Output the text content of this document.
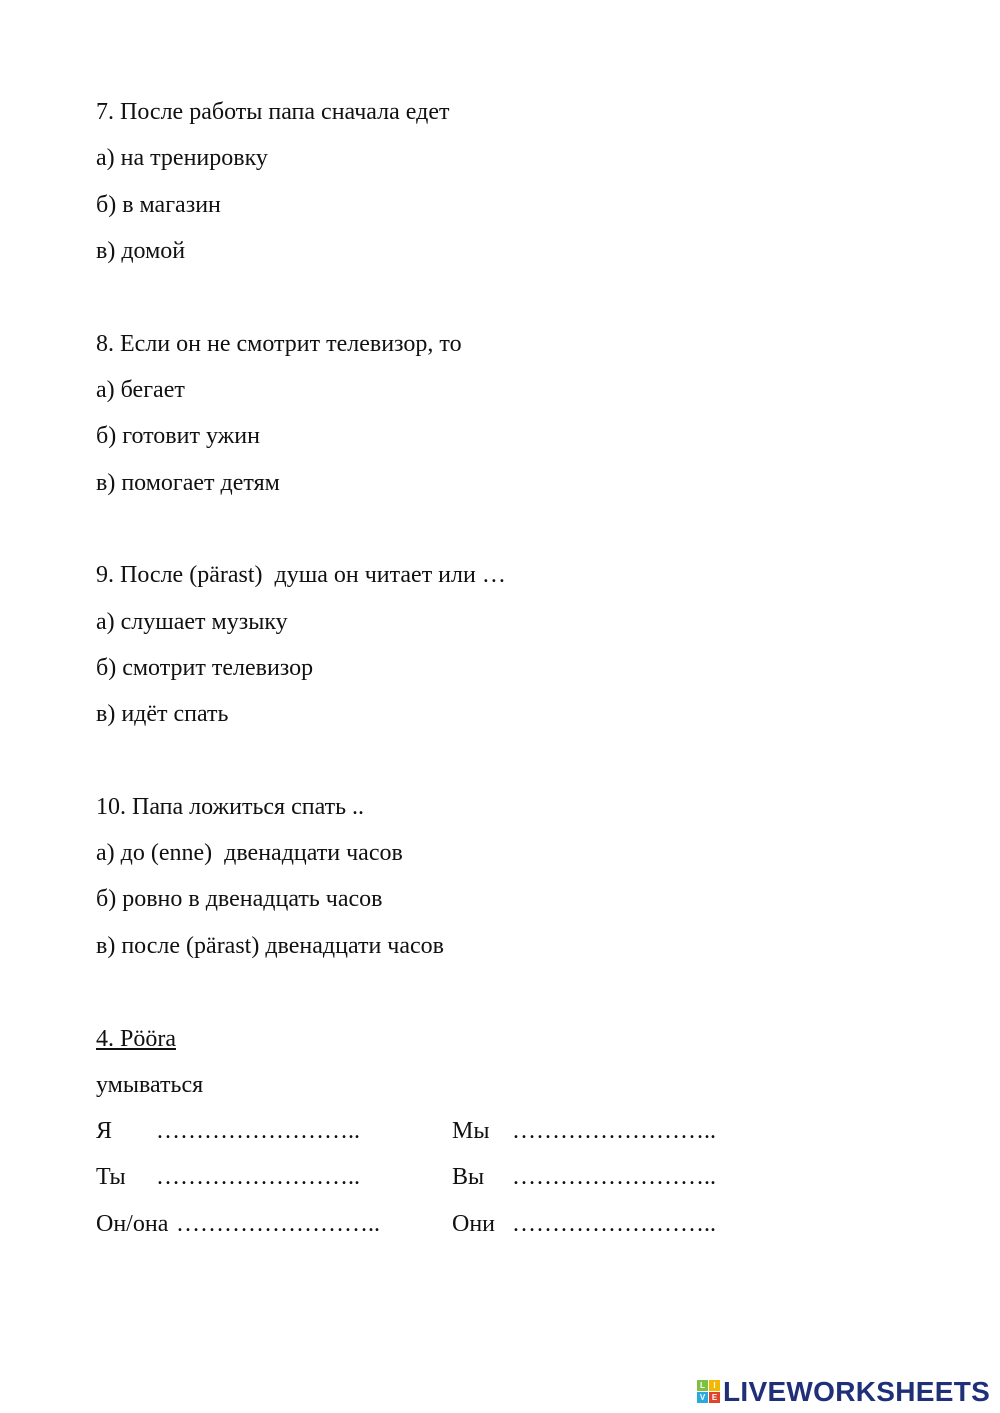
7. После работы папа сначала едет
а) на тренировку
б) в магазин
в) домой
8. Если он не смотрит телевизор, то
а) бегает
б) готовит ужин
в) помогает детям
9. После (pärast)  душа он читает или …
а) слушает музыку
б) смотрит телевизор
в) идёт спать
10. Папа ложиться спать ..
а) до (enne)  двенадцати часов
б) ровно в двенадцать часов
в) после (pärast) двенадцати часов
4. Pööra
умываться
Я ……………………..	Мы ……………………..
Ты ……………………..	Вы ……………………..
Он/она ……………………..	Они ……………………..
L	I
V E LIVEWORKSHEETS
